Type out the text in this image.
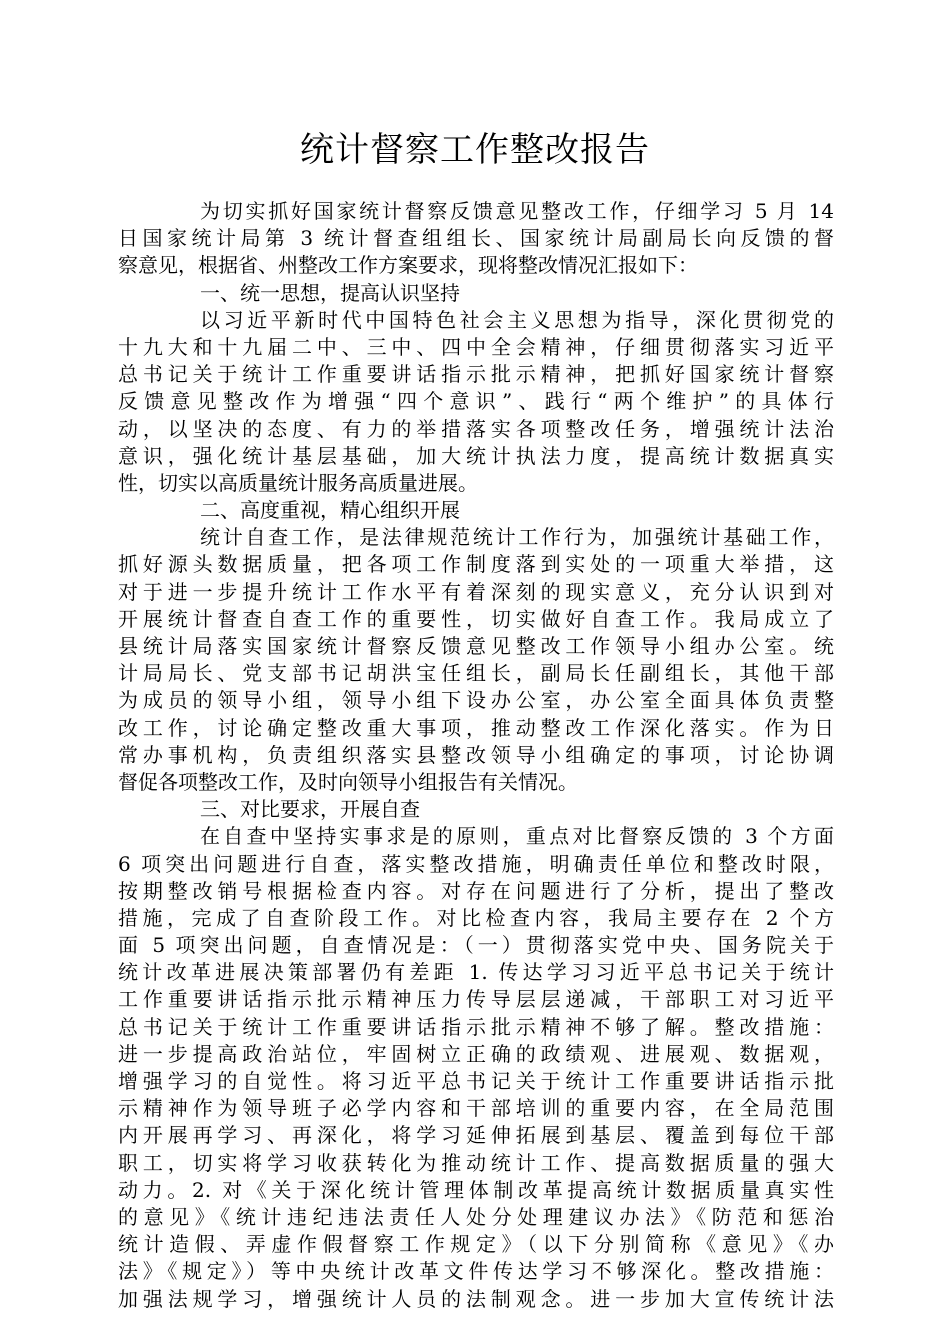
统计督察工作整改报告
为切实抓好国家统计督察反馈意见整改工作，仔细学习 5 月 14
日国家统计局第 3 统计督查组组长、国家统计局副局长向反馈的督
察意见，根据省、州整改工作方案要求，现将整改情况汇报如下：
一、统一思想，提高认识坚持
以习近平新时代中国特色社会主义思想为指导，深化贯彻党的
十九大和十九届二中、三中、四中全会精神，仔细贯彻落实习近平
总书记关于统计工作重要讲话指示批示精神，把抓好国家统计督察
反馈意见整改作为增强“四个意识”、践行“两个维护”的具体行
动，以坚决的态度、有力的举措落实各项整改任务，增强统计法治
意识，强化统计基层基础，加大统计执法力度，提高统计数据真实
性，切实以高质量统计服务高质量进展。
二、高度重视，精心组织开展
统计自查工作，是法律规范统计工作行为，加强统计基础工作，
抓好源头数据质量，把各项工作制度落到实处的一项重大举措，这
对于进一步提升统计工作水平有着深刻的现实意义，充分认识到对
开展统计督查自查工作的重要性，切实做好自查工作。我局成立了
县统计局落实国家统计督察反馈意见整改工作领导小组办公室。统
计局局长、党支部书记胡洪宝任组长，副局长任副组长，其他干部
为成员的领导小组，领导小组下设办公室，办公室全面具体负责整
改工作，讨论确定整改重大事项，推动整改工作深化落实。作为日
常办事机构，负责组织落实县整改领导小组确定的事项，讨论协调
督促各项整改工作，及时向领导小组报告有关情况。
三、对比要求，开展自查
在自查中坚持实事求是的原则，重点对比督察反馈的 3 个方面
6 项突出问题进行自查，落实整改措施，明确责任单位和整改时限，
按期整改销号根据检查内容。对存在问题进行了分析，提出了整改
措施，完成了自查阶段工作。对比检查内容，我局主要存在 2 个方
面 5 项突出问题，自查情况是：（一）贯彻落实党中央、国务院关于
统计改革进展决策部署仍有差距 1. 传达学习习近平总书记关于统计
工作重要讲话指示批示精神压力传导层层递减，干部职工对习近平
总书记关于统计工作重要讲话指示批示精神不够了解。整改措施：
进一步提高政治站位，牢固树立正确的政绩观、进展观、数据观，
增强学习的自觉性。将习近平总书记关于统计工作重要讲话指示批
示精神作为领导班子必学内容和干部培训的重要内容，在全局范围
内开展再学习、再深化，将学习延伸拓展到基层、覆盖到每位干部
职工，切实将学习收获转化为推动统计工作、提高数据质量的强大
动力。2. 对《关于深化统计管理体制改革提高统计数据质量真实性
的意见》《统计违纪违法责任人处分处理建议办法》《防范和惩治
统计造假、弄虚作假督察工作规定》（以下分别简称《意见》《办
法》《规定》）等中央统计改革文件传达学习不够深化。整改措施：
加强法规学习，增强统计人员的法制观念。进一步加大宣传统计法
